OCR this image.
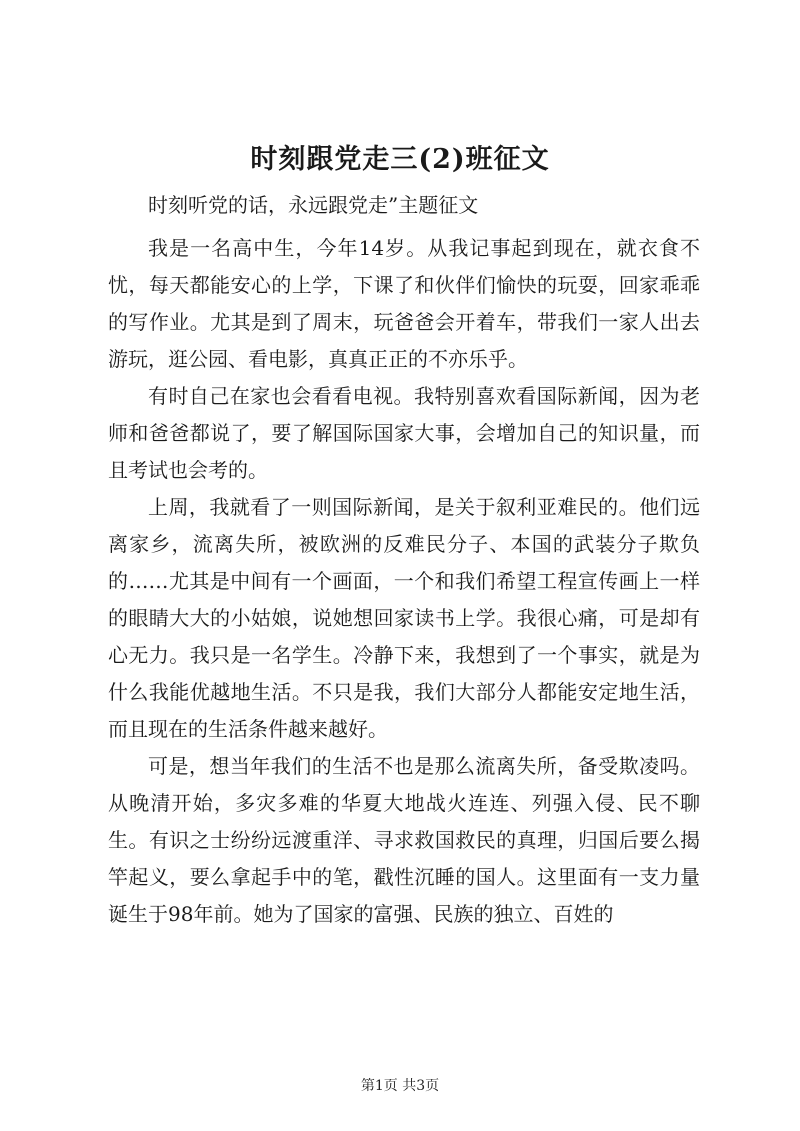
时刻跟党走三(2)班征文
时刻听党的话，永远跟党走”主题征文

我是一名高中生，今年14岁。从我记事起到现在，就衣食不忧，每天都能安心的上学，下课了和伙伴们愉快的玩耍，回家乖乖的写作业。尤其是到了周末，玩爸爸会开着车，带我们一家人出去游玩，逛公园、看电影，真真正正的不亦乐乎。

有时自己在家也会看看电视。我特别喜欢看国际新闻，因为老师和爸爸都说了，要了解国际国家大事，会增加自己的知识量，而且考试也会考的。

上周，我就看了一则国际新闻，是关于叙利亚难民的。他们远离家乡，流离失所，被欧洲的反难民分子、本国的武装分子欺负的……尤其是中间有一个画面，一个和我们希望工程宣传画上一样的眼睛大大的小姑娘，说她想回家读书上学。我很心痛，可是却有心无力。我只是一名学生。冷静下来，我想到了一个事实，就是为什么我能优越地生活。不只是我，我们大部分人都能安定地生活，而且现在的生活条件越来越好。

可是，想当年我们的生活不也是那么流离失所，备受欺凌吗。从晚清开始，多灾多难的华夏大地战火连连、列强入侵、民不聊生。有识之士纷纷远渡重洋、寻求救国救民的真理，归国后要么揭竿起义，要么拿起手中的笔，戳性沉睡的国人。这里面有一支力量诞生于98年前。她为了国家的富强、民族的独立、百姓的

第1页 共3页
